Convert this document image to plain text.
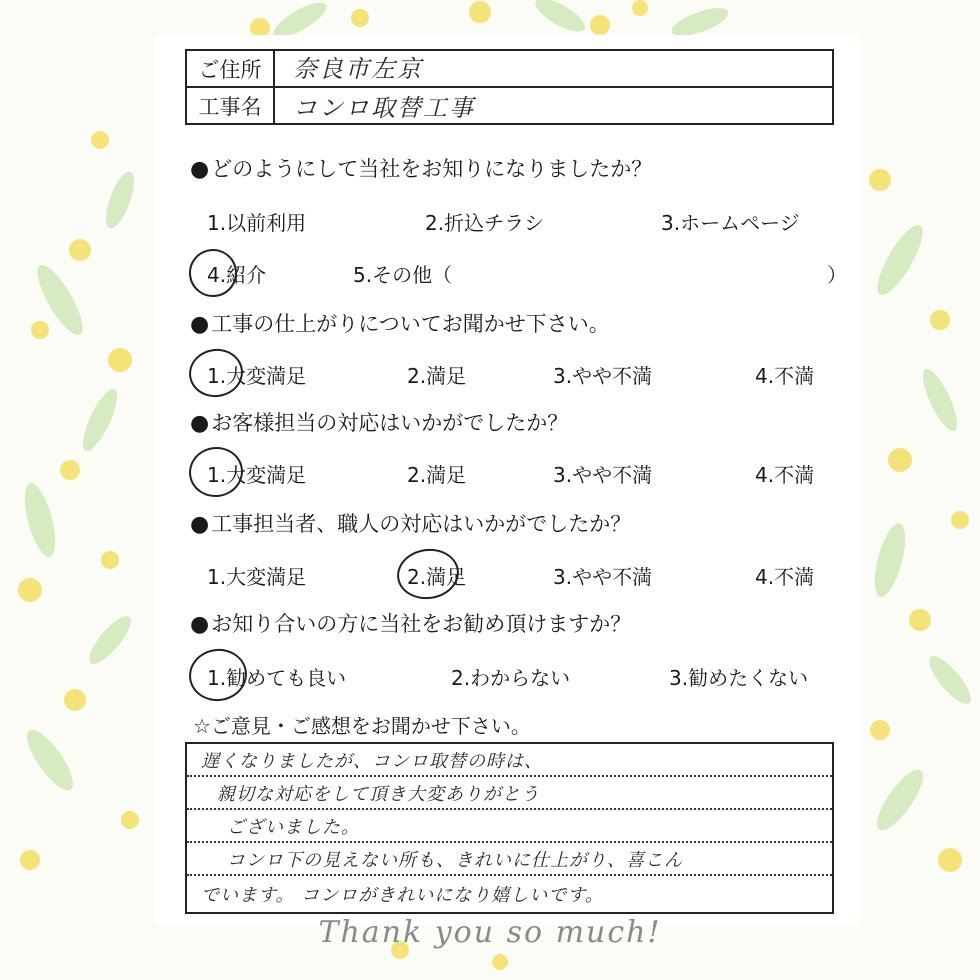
ご住所	奈良市左京
工事名	コンロ取替工事
●どのようにして当社をお知りになりましたか？
1.以前利用	2.折込チラシ	3.ホームページ
4.紹介	5.その他（	）
●工事の仕上がりについてお聞かせ下さい。
1.大変満足	2.満足	3.やや不満	4.不満
●お客様担当の対応はいかがでしたか？
1.大変満足	2.満足	3.やや不満	4.不満
●工事担当者、職人の対応はいかがでしたか？
1.大変満足	2.満足	3.やや不満	4.不満
●お知り合いの方に当社をお勧め頂けますか？
1.勧めても良い	2.わからない	3.勧めたくない
☆ご意見・ご感想をお聞かせ下さい。
遅くなりましたが、コンロ取替の時は、
親切な対応をして頂き大変ありがとう
ございました。
コンロ下の見えない所も、きれいに仕上がり、喜こん
でいます。 コンロがきれいになり嬉しいです。
Thank you so much!
